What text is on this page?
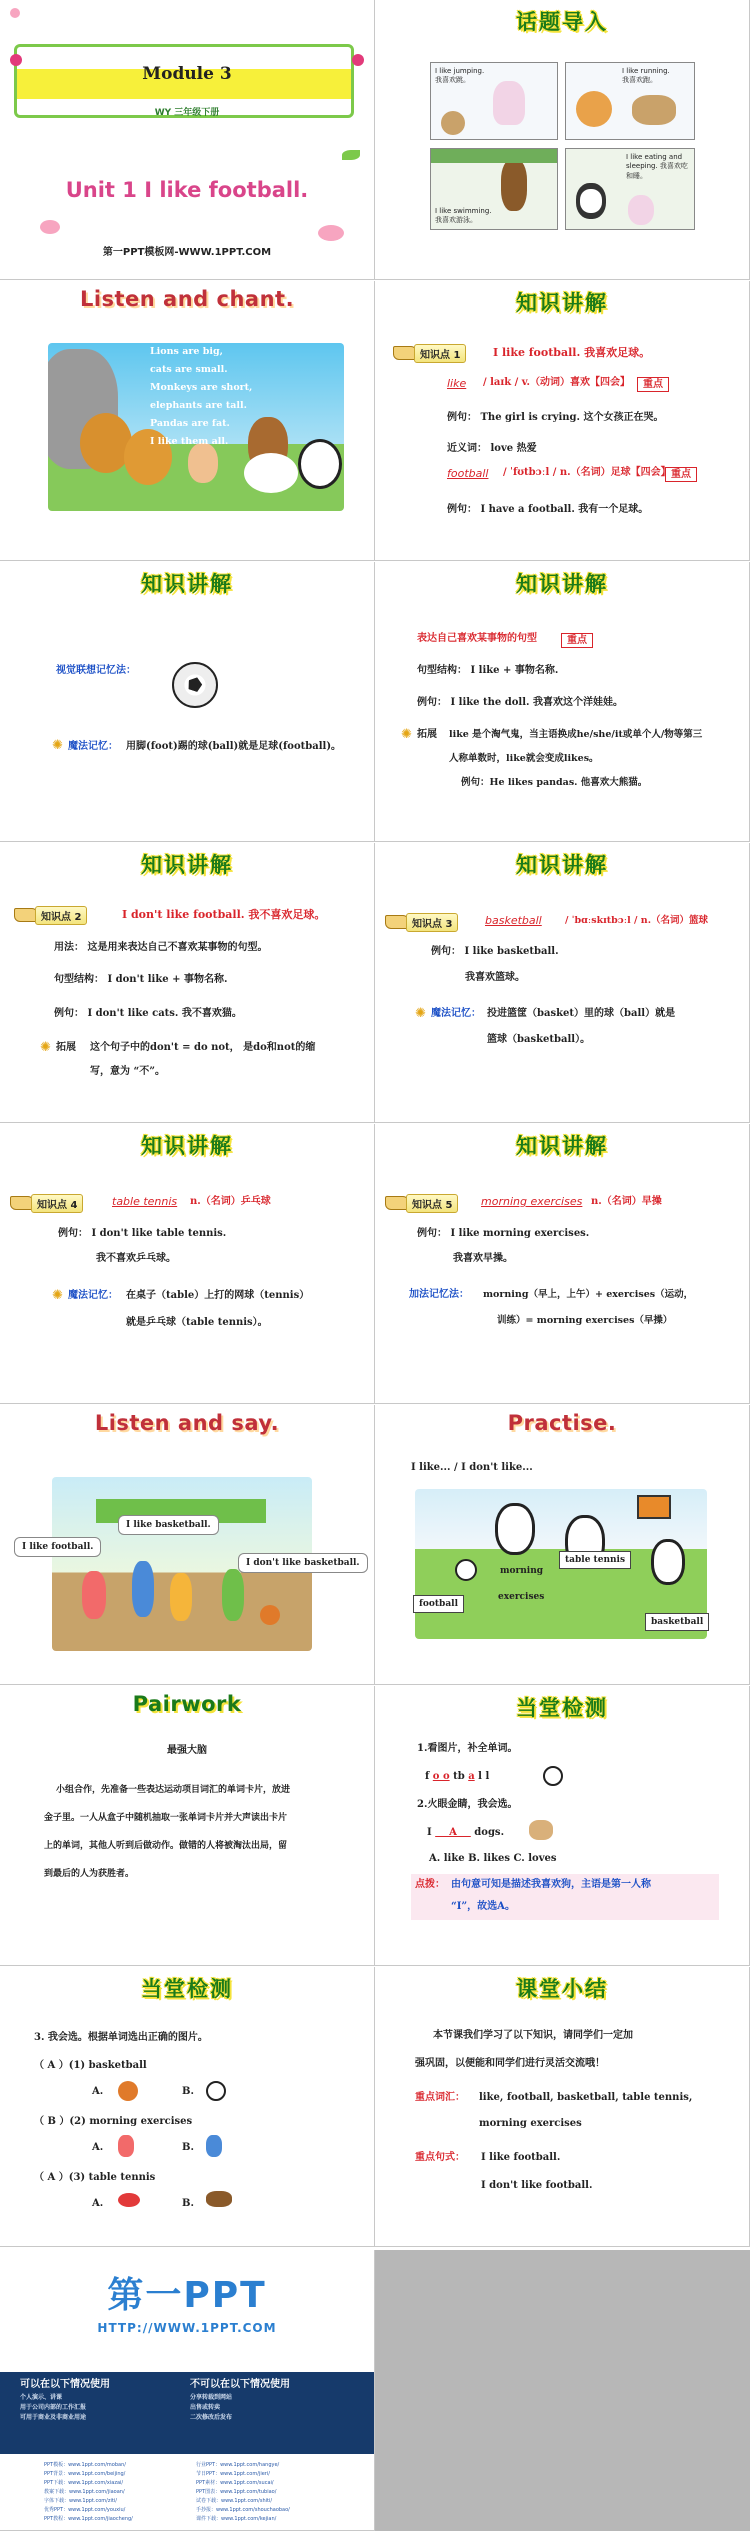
Module 3
WY 三年级下册
Unit 1 I like football.
第一PPT模板网-WWW.1PPT.COM
话题导入
I like jumping.
我喜欢跳。
I like running.
我喜欢跑。
I like swimming.
我喜欢游泳。
I like eating and sleeping. 我喜欢吃和睡。
Listen and chant.
Lions are big,
cats are small.
Monkeys are short,
elephants are tall.
Pandas are fat.
I like them all.
知识讲解
知识点 1	I like football. 我喜欢足球。
like / laɪk / v.（动词）喜欢【四会】	重点
例句： The girl is crying. 这个女孩正在哭。
近义词： love 热爱
football / ˈfʊtbɔːl / n.（名词）足球【四会】 重点
例句： I have a football. 我有一个足球。
知识讲解
视觉联想记忆法：
✺ 魔法记忆： 用脚(foot)踢的球(ball)就是足球(football)。
知识讲解
表达自己喜欢某事物的句型	重点
句型结构： I like + 事物名称.
例句： I like the doll. 我喜欢这个洋娃娃。
✺ 拓展 like 是个淘气鬼，当主语换成he/she/it或单个人/物等第三
人称单数时，like就会变成likes。
例句：He likes pandas. 他喜欢大熊猫。
知识讲解
知识点 2	I don't like football. 我不喜欢足球。
用法： 这是用来表达自己不喜欢某事物的句型。
句型结构： I don't like + 事物名称.
例句： I don't like cats. 我不喜欢猫。
✺ 拓展 这个句子中的don't = do not， 是do和not的缩
写，意为 “不”。
知识讲解
知识点 3	basketball / ˈbɑːskɪtbɔːl / n.（名词）篮球
例句： I like basketball.
我喜欢篮球。
✺ 魔法记忆： 投进篮筐（basket）里的球（ball）就是
篮球（basketball）。
知识讲解
知识点 4	table tennis n.（名词）乒乓球
例句： I don't like table tennis.
我不喜欢乒乓球。
✺ 魔法记忆： 在桌子（table）上打的网球（tennis）
就是乒乓球（table tennis）。
知识讲解
知识点 5	morning exercises n.（名词）早操
例句： I like morning exercises.
我喜欢早操。
加法记忆法： morning（早上，上午）+ exercises（运动，
训练）= morning exercises（早操）
Listen and say.
I like football.
I like basketball.
I don't like basketball.
Practise.
I like... / I don't like...
football
morning
exercises
table tennis
basketball
Pairwork
最强大脑
小组合作，先准备一些表达运动项目词汇的单词卡片，放进
金子里。一人从盒子中随机抽取一张单词卡片并大声读出卡片
上的单词，其他人听到后做动作。做错的人将被淘汰出局，留
到最后的人为获胜者。
当堂检测
1.看图片，补全单词。
f o o tb a l l
2.火眼金睛，我会选。
I     A     dogs.
A. like B. likes C. loves
点拨： 由句意可知是描述我喜欢狗，主语是第一人称
“I”，故选A。
当堂检测
3. 我会选。根据单词选出正确的图片。
（ A ）(1) basketball
A.	B.
（ B ）(2) morning exercises
A.	B.
（ A ）(3) table tennis
A.	B.
课堂小结
本节课我们学习了以下知识，请同学们一定加
强巩固，以便能和同学们进行灵活交流哦！
重点词汇： like, football, basketball, table tennis,
morning exercises
重点句式： I like football.
I don't like football.
第一PPT
HTTP://WWW.1PPT.COM
可以在以下情况使用
个人演示、讲课
用于公司内部的工作汇报
可用于商业及非商业用途
不可以在以下情况使用
分享转载到网站
出售或转卖
二次修改后发布
PPT模板：www.1ppt.com/moban/
PPT背景：www.1ppt.com/beijing/
PPT下载：www.1ppt.com/xiazai/
教案下载：www.1ppt.com/jiaoan/
字体下载：www.1ppt.com/ziti/
优秀PPT：www.1ppt.com/youxiu/
PPT教程：www.1ppt.com/jiaocheng/
行业PPT：www.1ppt.com/hangye/
节日PPT：www.1ppt.com/jieri/
PPT素材：www.1ppt.com/sucai/
PPT图表：www.1ppt.com/tubiao/
试卷下载：www.1ppt.com/shiti/
手抄报：www.1ppt.com/shouchaobao/
课件下载：www.1ppt.com/kejian/
